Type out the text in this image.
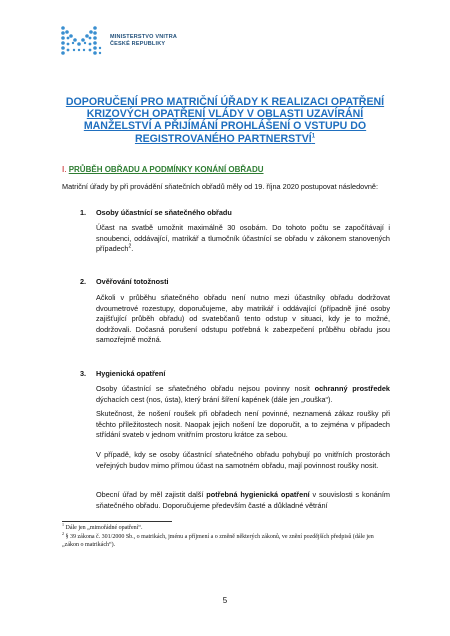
MINISTERSTVO VNITRA
ČESKÉ REPUBLIKY
DOPORUČENÍ PRO MATRIČNÍ ÚŘADY K REALIZACI OPATŘENÍ KRIZOVÝCH OPATŘENÍ VLÁDY V OBLASTI UZAVÍRÁNÍ MANŽELSTVÍ A PŘIJÍMÁNÍ PROHLÁŠENÍ O VSTUPU DO REGISTROVANÉHO PARTNERSTVÍ$^1$
I. PRŮBĚH OBŘADU A PODMÍNKY KONÁNÍ OBŘADU
Matriční úřady by při provádění sňatečních obřadů měly od 19. října 2020 postupovat následovně:
1. Osoby účastnící se sňatečného obřadu
Účast na svatbě umožnit maximálně 30 osobám. Do tohoto počtu se započítávají i snoubenci, oddávající, matrikář a tlumočník účastnící se obřadu v zákonem stanovených případech$^2$.
2. Ověřování totožnosti
Ačkoli v průběhu sňatečného obřadu není nutno mezi účastníky obřadu dodržovat dvoumetrové rozestupy, doporučujeme, aby matrikář i oddávající (případně jiné osoby zajišťující průběh obřadu) od svatebčanů tento odstup v situaci, kdy je to možné, dodržovali. Dočasná porušení odstupu potřebná k zabezpečení průběhu obřadu jsou samozřejmě možná.
3. Hygienická opatření
Osoby účastnící se sňatečného obřadu nejsou povinny nosit ochranný prostředek dýchacích cest (nos, ústa), který brání šíření kapének (dále jen „rouška“).
Skutečnost, že nošení roušek při obřadech není povinné, neznamená zákaz roušky při těchto příležitostech nosit. Naopak jejich nošení lze doporučit, a to zejména v případech střídání svateb v jednom vnitřním prostoru krátce za sebou.
V případě, kdy se osoby účastnící sňatečného obřadu pohybují po vnitřních prostorách veřejných budov mimo přímou účast na samotném obřadu, mají povinnost roušky nosit.
Obecní úřad by měl zajistit další potřebná hygienická opatření v souvislosti s konáním sňatečného obřadu. Doporučujeme především časté a důkladné větrání
$^1$ Dále jen „mimořádné opatření“.
$^2$ § 39 zákona č. 301/2000 Sb., o matrikách, jménu a příjmení a o změně některých zákonů, ve znění pozdějších předpisů (dále jen „zákon o matrikách“).
5
